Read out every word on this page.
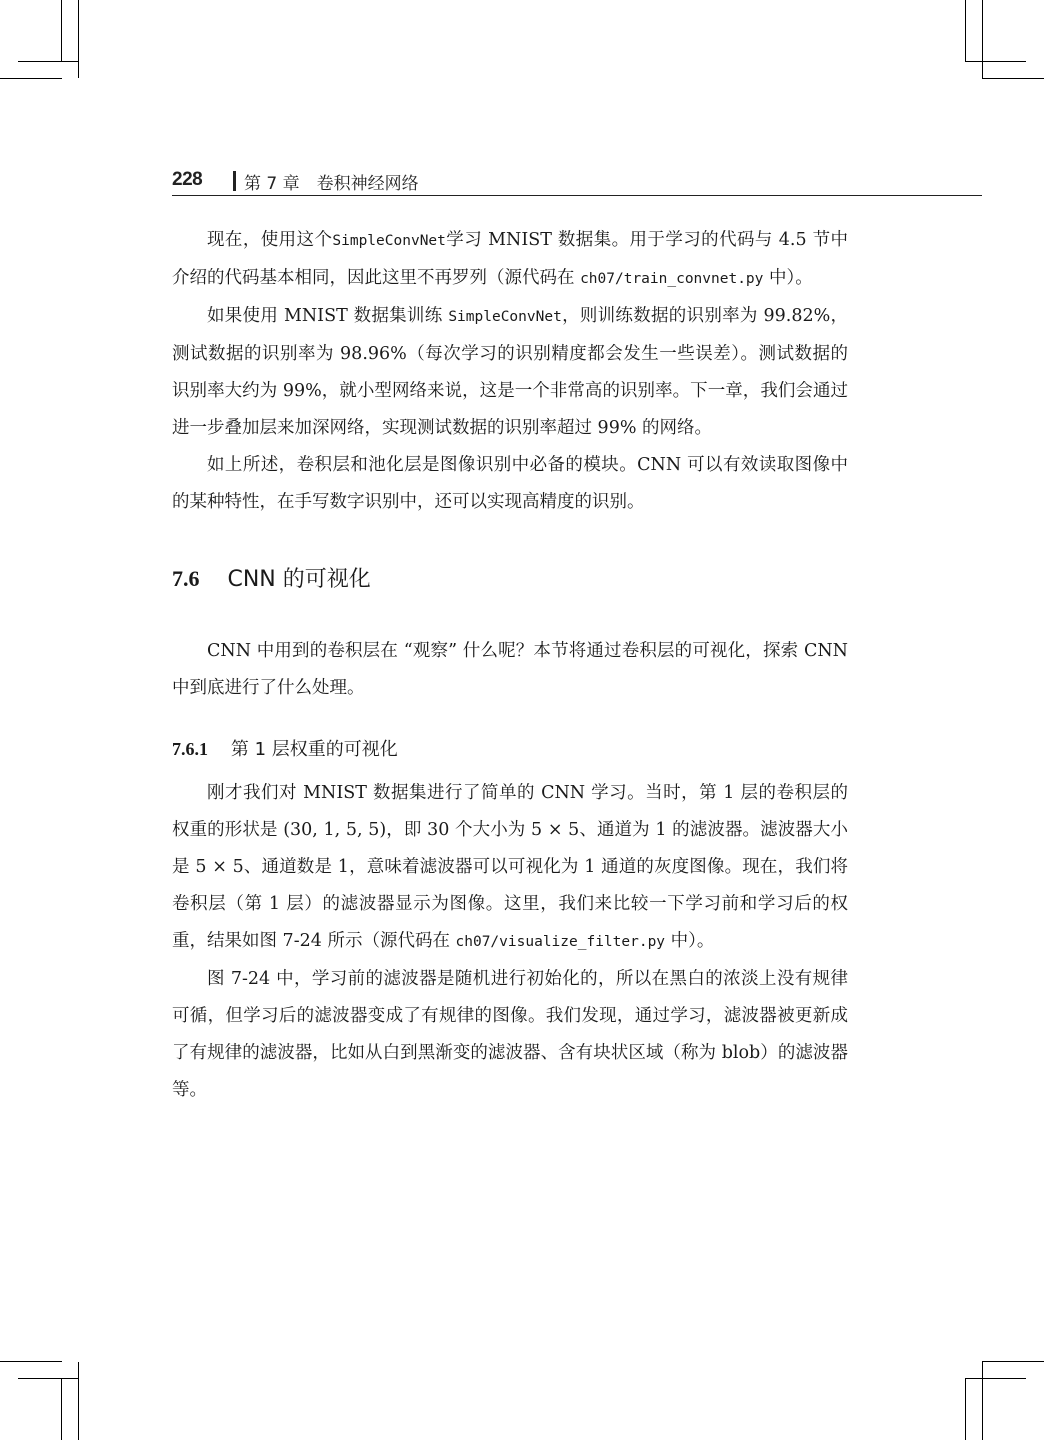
228 第 7 章　卷积神经网络

现在，使用这个SimpleConvNet学习 MNIST 数据集。用于学习的代码与 4.5 节中介绍的代码基本相同，因此这里不再罗列（源代码在 ch07/train_convnet.py 中）。

如果使用 MNIST 数据集训练 SimpleConvNet，则训练数据的识别率为 99.82%，测试数据的识别率为 98.96%（每次学习的识别精度都会发生一些误差）。测试数据的识别率大约为 99%，就小型网络来说，这是一个非常高的识别率。下一章，我们会通过进一步叠加层来加深网络，实现测试数据的识别率超过 99% 的网络。

如上所述，卷积层和池化层是图像识别中必备的模块。CNN 可以有效读取图像中的某种特性，在手写数字识别中，还可以实现高精度的识别。

7.6 CNN 的可视化

CNN 中用到的卷积层在 “观察” 什么呢？本节将通过卷积层的可视化，探索 CNN 中到底进行了什么处理。

7.6.1 第 1 层权重的可视化

刚才我们对 MNIST 数据集进行了简单的 CNN 学习。当时，第 1 层的卷积层的权重的形状是 (30, 1, 5, 5)，即 30 个大小为 5 × 5、通道为 1 的滤波器。滤波器大小是 5 × 5、通道数是 1，意味着滤波器可以可视化为 1 通道的灰度图像。现在，我们将卷积层（第 1 层）的滤波器显示为图像。这里，我们来比较一下学习前和学习后的权重，结果如图 7-24 所示（源代码在 ch07/visualize_filter.py 中）。

图 7-24 中，学习前的滤波器是随机进行初始化的，所以在黑白的浓淡上没有规律可循，但学习后的滤波器变成了有规律的图像。我们发现，通过学习，滤波器被更新成了有规律的滤波器，比如从白到黑渐变的滤波器、含有块状区域（称为 blob）的滤波器等。
